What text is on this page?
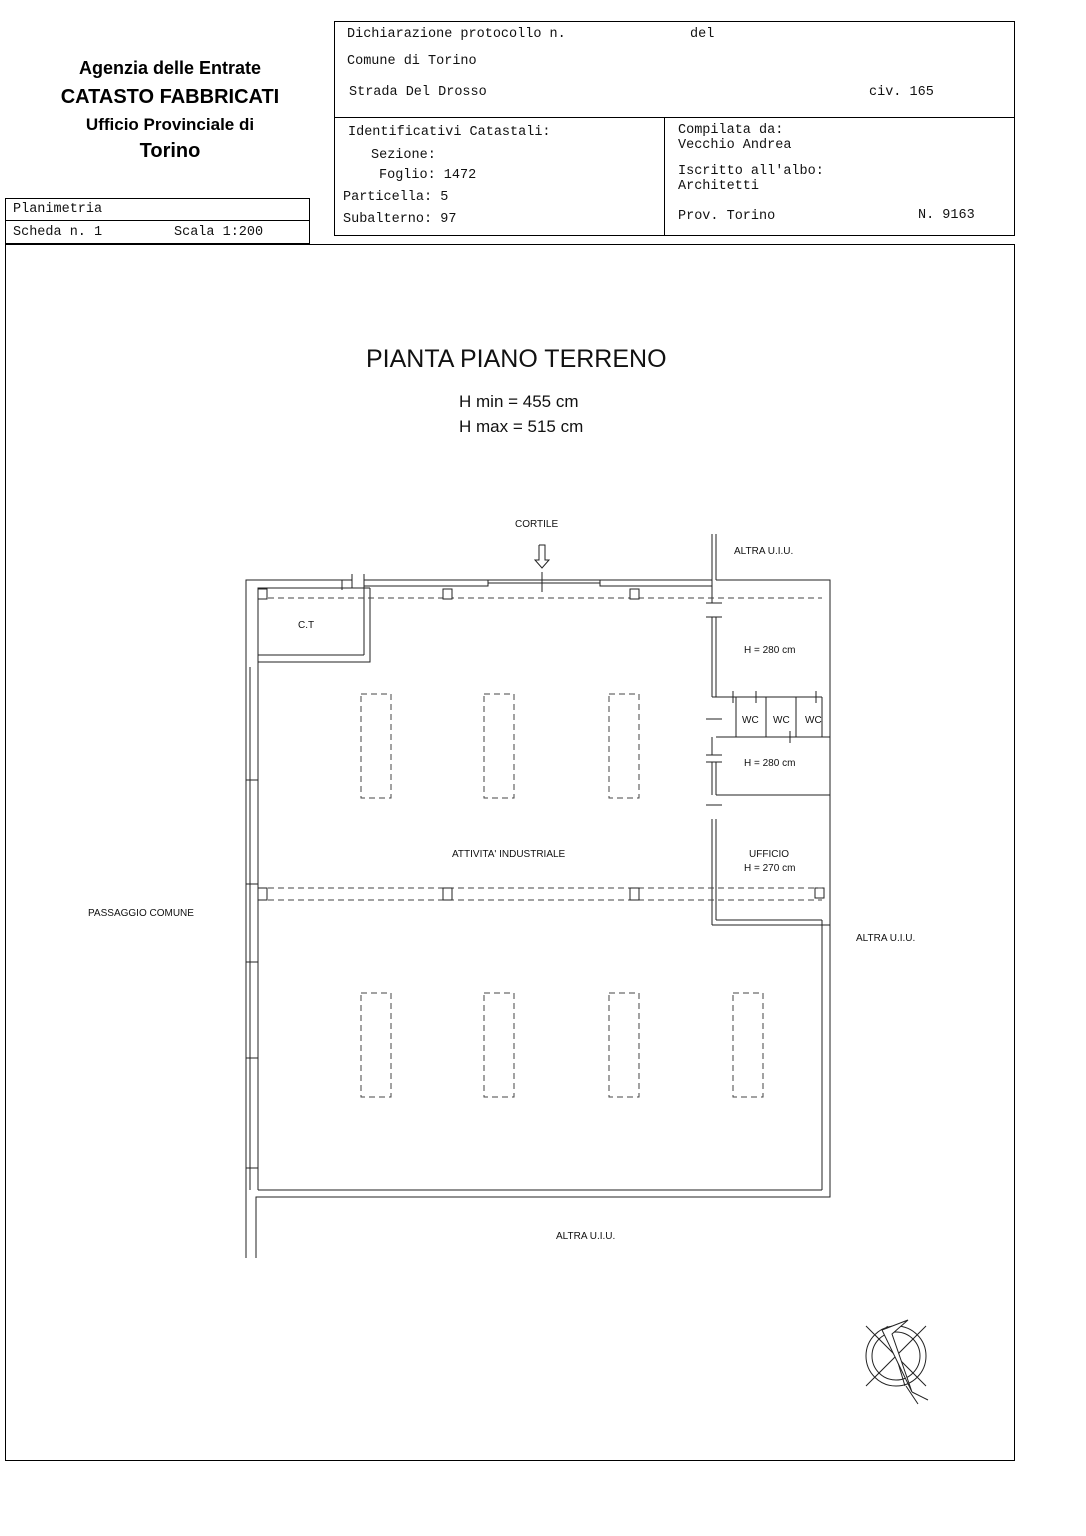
Agenzia delle Entrate
CATASTO FABBRICATI
Ufficio Provinciale di
Torino
Planimetria
Scheda n. 1	Scala 1:200
Dichiarazione protocollo n.	del
Comune di Torino
Strada Del Drosso	civ. 165
Identificativi Catastali:
Sezione:
Foglio: 1472
Particella: 5
Subalterno: 97
Compilata da:
Vecchio Andrea
Iscritto all'albo:
Architetti
Prov. Torino	N. 9163
PIANTA PIANO TERRENO
H min = 455 cm
H max = 515 cm
CORTILE
ALTRA U.I.U.
C.T
H = 280 cm
WC WC WC
H = 280 cm
ATTIVITA' INDUSTRIALE	UFFICIO
H = 270 cm
PASSAGGIO COMUNE
ALTRA U.I.U.
ALTRA U.I.U.
